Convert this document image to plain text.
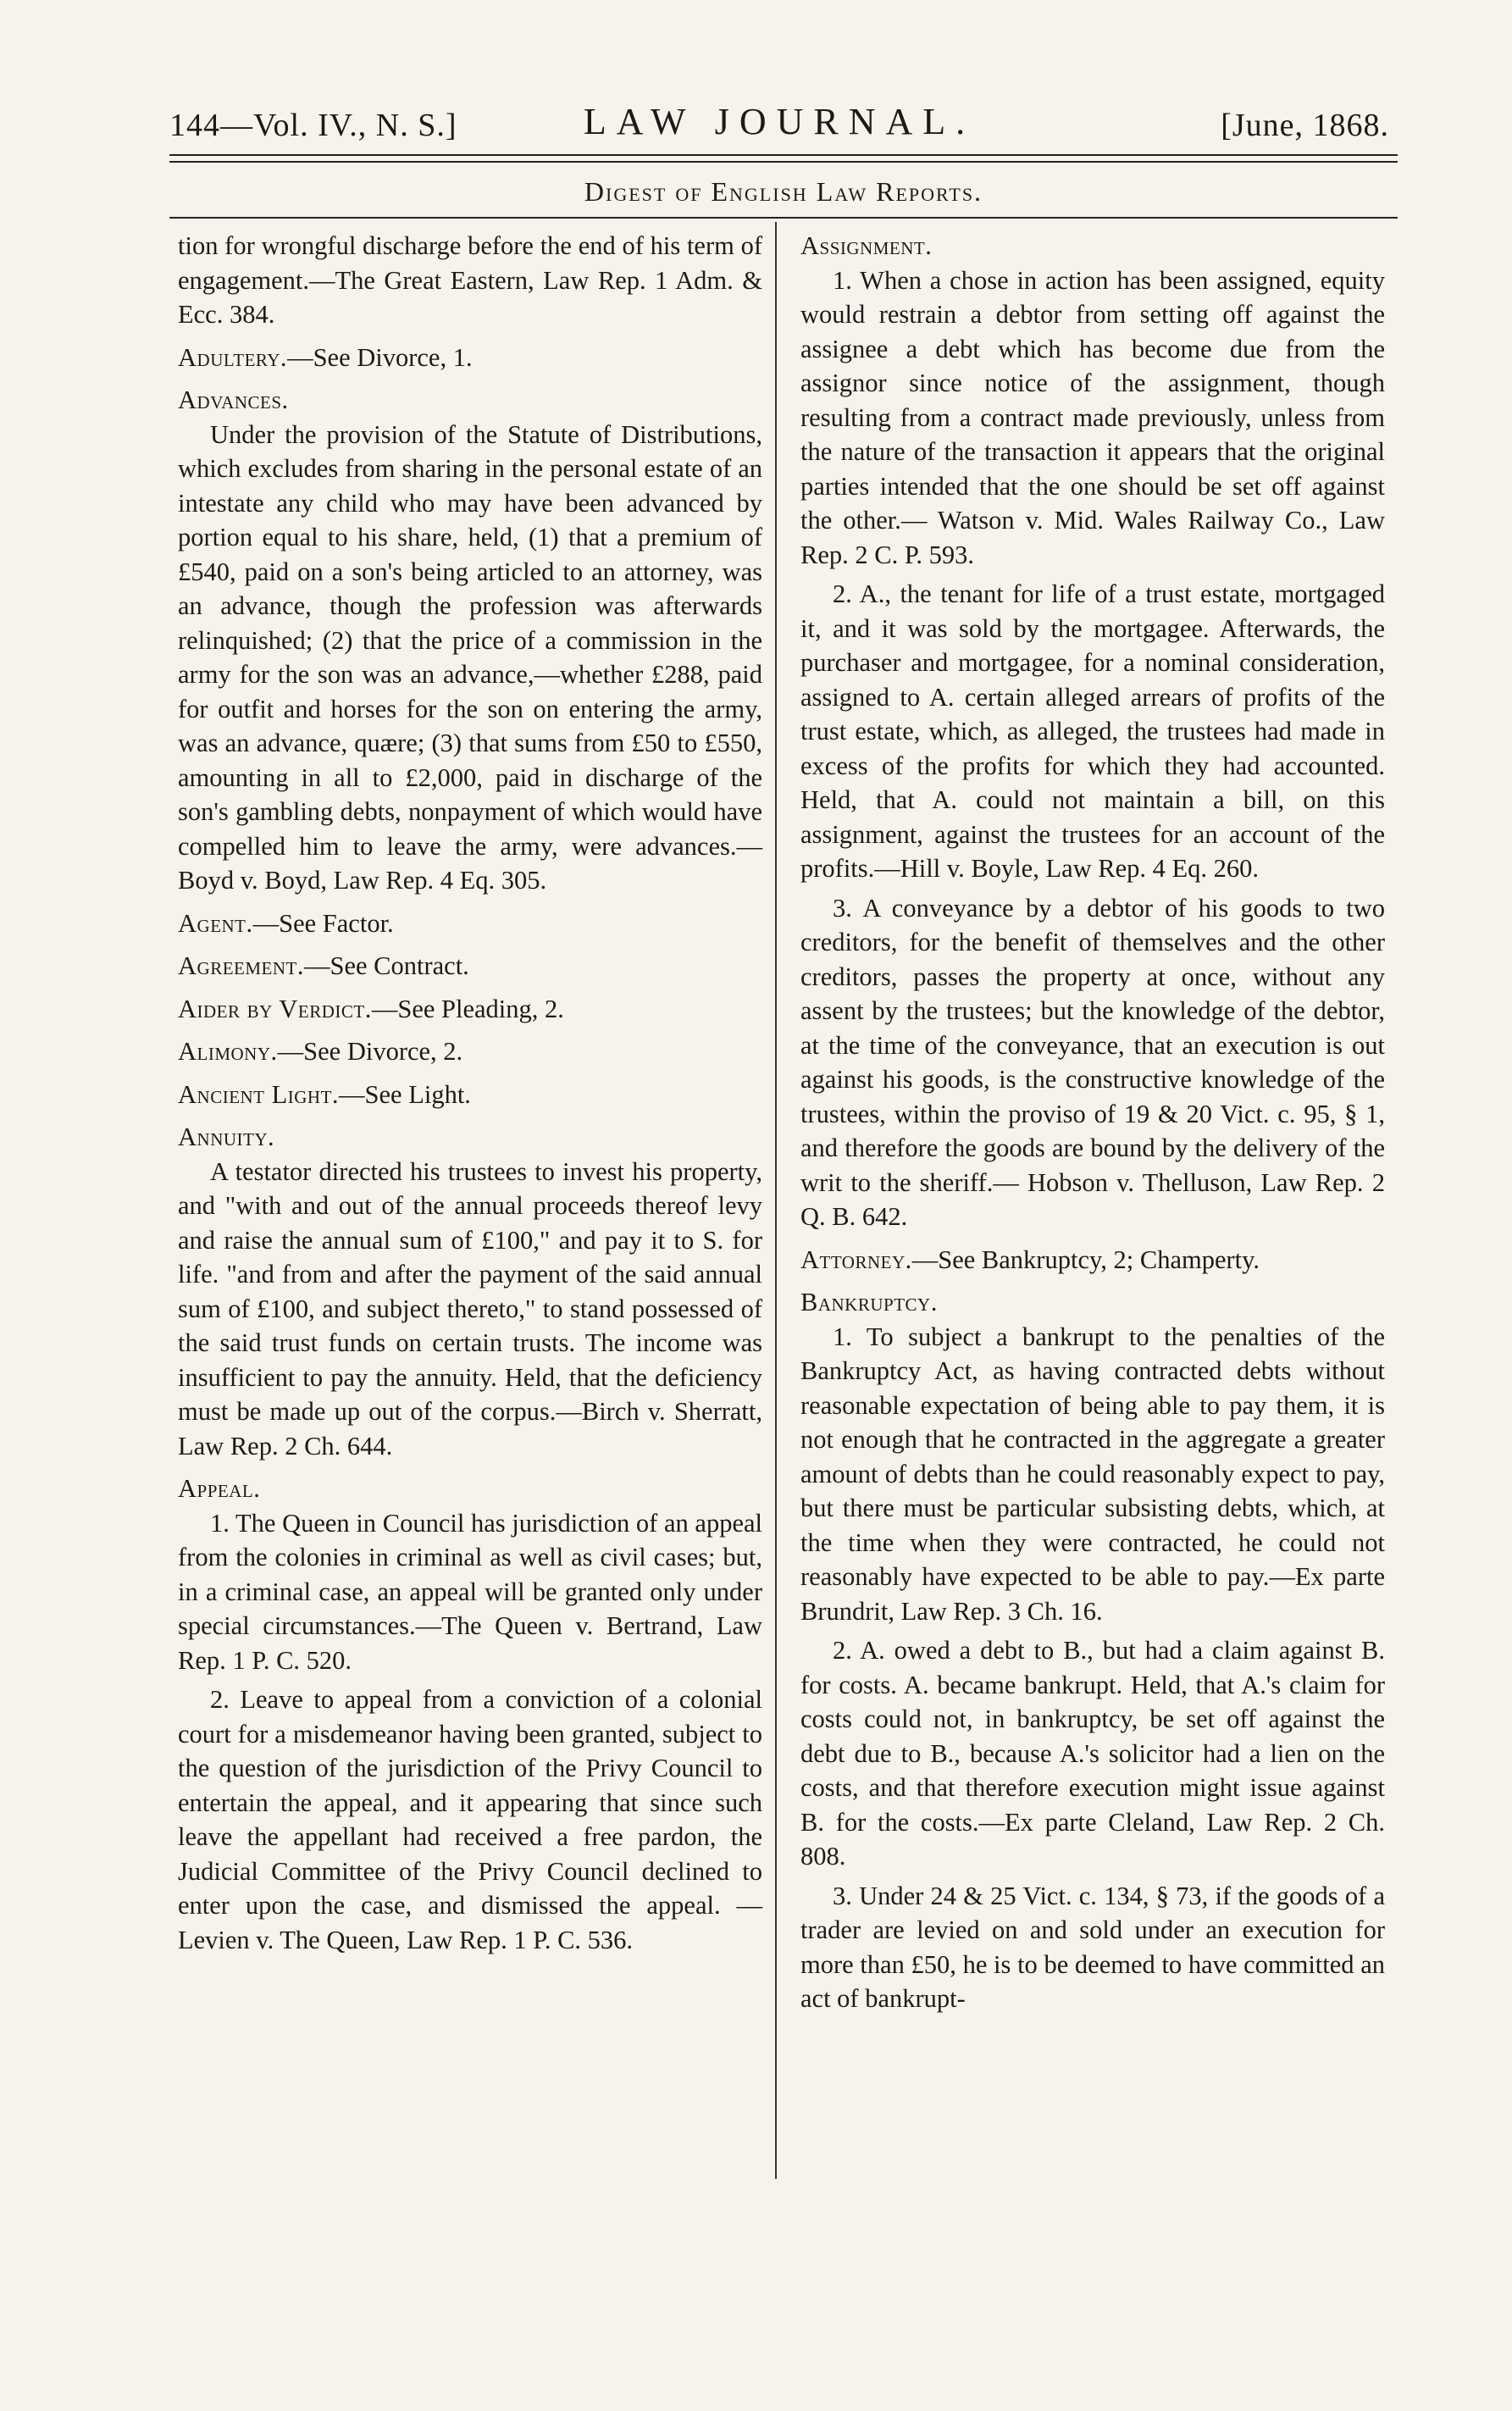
144—Vol. IV., N. S.]	LAW JOURNAL.	[June, 1868.
Digest of English Law Reports.

tion for wrongful discharge before the end of his term of engagement.—The Great Eastern, Law Rep. 1 Adm. & Ecc. 384.

Adultery.—See Divorce, 1.

Advances.

Under the provision of the Statute of Distributions, which excludes from sharing in the personal estate of an intestate any child who may have been advanced by portion equal to his share, held, (1) that a premium of £540, paid on a son's being articled to an attorney, was an advance, though the profession was afterwards relinquished; (2) that the price of a commission in the army for the son was an advance,—whether £288, paid for outfit and horses for the son on entering the army, was an advance, quære; (3) that sums from £50 to £550, amounting in all to £2,000, paid in discharge of the son's gambling debts, nonpayment of which would have compelled him to leave the army, were advances.—Boyd v. Boyd, Law Rep. 4 Eq. 305.

Agent.—See Factor.

Agreement.—See Contract.

Aider by Verdict.—See Pleading, 2.

Alimony.—See Divorce, 2.

Ancient Light.—See Light.

Annuity.

A testator directed his trustees to invest his property, and "with and out of the annual proceeds thereof levy and raise the annual sum of £100," and pay it to S. for life. "and from and after the payment of the said annual sum of £100, and subject thereto," to stand possessed of the said trust funds on certain trusts. The income was insufficient to pay the annuity. Held, that the deficiency must be made up out of the corpus.—Birch v. Sherratt, Law Rep. 2 Ch. 644.

Appeal.

1. The Queen in Council has jurisdiction of an appeal from the colonies in criminal as well as civil cases; but, in a criminal case, an appeal will be granted only under special circumstances.—The Queen v. Bertrand, Law Rep. 1 P. C. 520.

2. Leave to appeal from a conviction of a colonial court for a misdemeanor having been granted, subject to the question of the jurisdiction of the Privy Council to entertain the appeal, and it appearing that since such leave the appellant had received a free pardon, the Judicial Committee of the Privy Council declined to enter upon the case, and dismissed the appeal. — Levien v. The Queen, Law Rep. 1 P. C. 536.

Assignment.

1. When a chose in action has been assigned, equity would restrain a debtor from setting off against the assignee a debt which has become due from the assignor since notice of the assignment, though resulting from a contract made previously, unless from the nature of the transaction it appears that the original parties intended that the one should be set off against the other.— Watson v. Mid. Wales Railway Co., Law Rep. 2 C. P. 593.

2. A., the tenant for life of a trust estate, mortgaged it, and it was sold by the mortgagee. Afterwards, the purchaser and mortgagee, for a nominal consideration, assigned to A. certain alleged arrears of profits of the trust estate, which, as alleged, the trustees had made in excess of the profits for which they had accounted. Held, that A. could not maintain a bill, on this assignment, against the trustees for an account of the profits.—Hill v. Boyle, Law Rep. 4 Eq. 260.

3. A conveyance by a debtor of his goods to two creditors, for the benefit of themselves and the other creditors, passes the property at once, without any assent by the trustees; but the knowledge of the debtor, at the time of the conveyance, that an execution is out against his goods, is the constructive knowledge of the trustees, within the proviso of 19 & 20 Vict. c. 95, § 1, and therefore the goods are bound by the delivery of the writ to the sheriff.— Hobson v. Thelluson, Law Rep. 2 Q. B. 642.

Attorney.—See Bankruptcy, 2; Champerty.

Bankruptcy.

1. To subject a bankrupt to the penalties of the Bankruptcy Act, as having contracted debts without reasonable expectation of being able to pay them, it is not enough that he contracted in the aggregate a greater amount of debts than he could reasonably expect to pay, but there must be particular subsisting debts, which, at the time when they were contracted, he could not reasonably have expected to be able to pay.—Ex parte Brundrit, Law Rep. 3 Ch. 16.

2. A. owed a debt to B., but had a claim against B. for costs. A. became bankrupt. Held, that A.'s claim for costs could not, in bankruptcy, be set off against the debt due to B., because A.'s solicitor had a lien on the costs, and that therefore execution might issue against B. for the costs.—Ex parte Cleland, Law Rep. 2 Ch. 808.

3. Under 24 & 25 Vict. c. 134, § 73, if the goods of a trader are levied on and sold under an execution for more than £50, he is to be deemed to have committed an act of bankrupt-
